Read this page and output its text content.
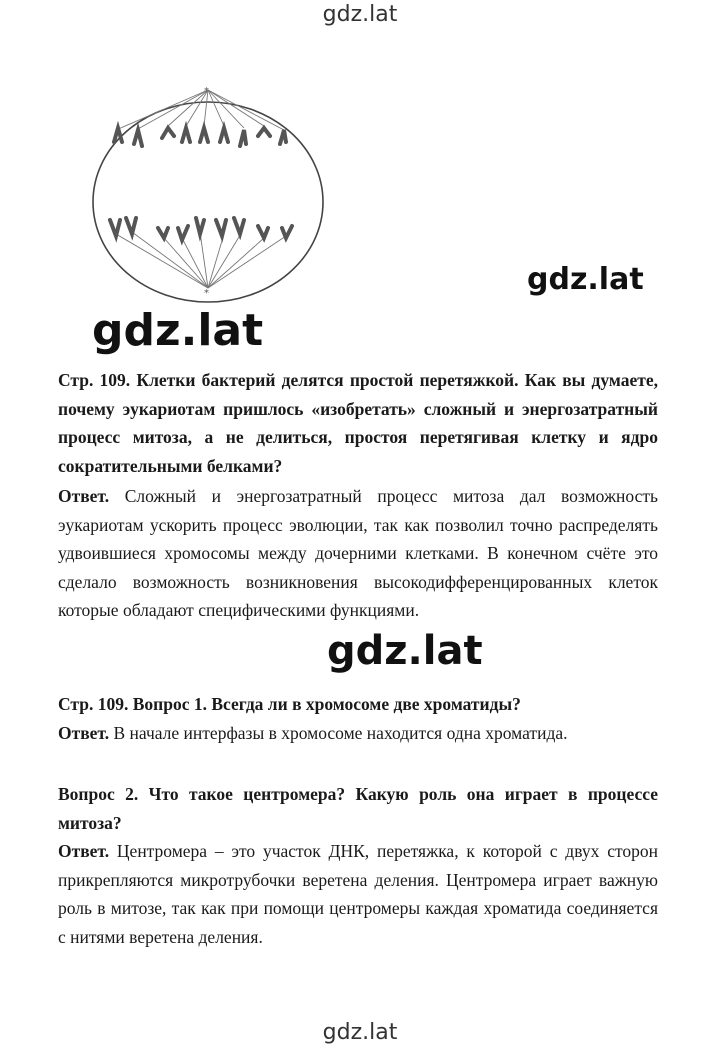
gdz.lat
*
*	gdz.lat
gdz.lat
Стр. 109. Клетки бактерий делятся простой перетяжкой. Как вы думаете, почему эукариотам пришлось «изобретать» сложный и энергозатратный процесс митоза, а не делиться, простоя перетягивая клетку и ядро сократительными белками?
Ответ. Сложный и энергозатратный процесс митоза дал возможность эукариотам ускорить процесс эволюции, так как позволил точно распределять удвоившиеся хромосомы между дочерними клетками. В конечном счёте это сделало возможность возникновения высокодифференцированных клеток которые обладают специфическими функциями.
gdz.lat
Стр. 109. Вопрос 1. Всегда ли в хромосоме две хроматиды?
Ответ. В начале интерфазы в хромосоме находится одна хроматида.
Вопрос 2. Что такое центромера? Какую роль она играет в процессе митоза?
Ответ. Центромера – это участок ДНК, перетяжка, к которой с двух сторон прикрепляются микротрубочки веретена деления. Центромера играет важную роль в митозе, так как при помощи центромеры каждая хроматида соединяется с нитями веретена деления.
gdz.lat
